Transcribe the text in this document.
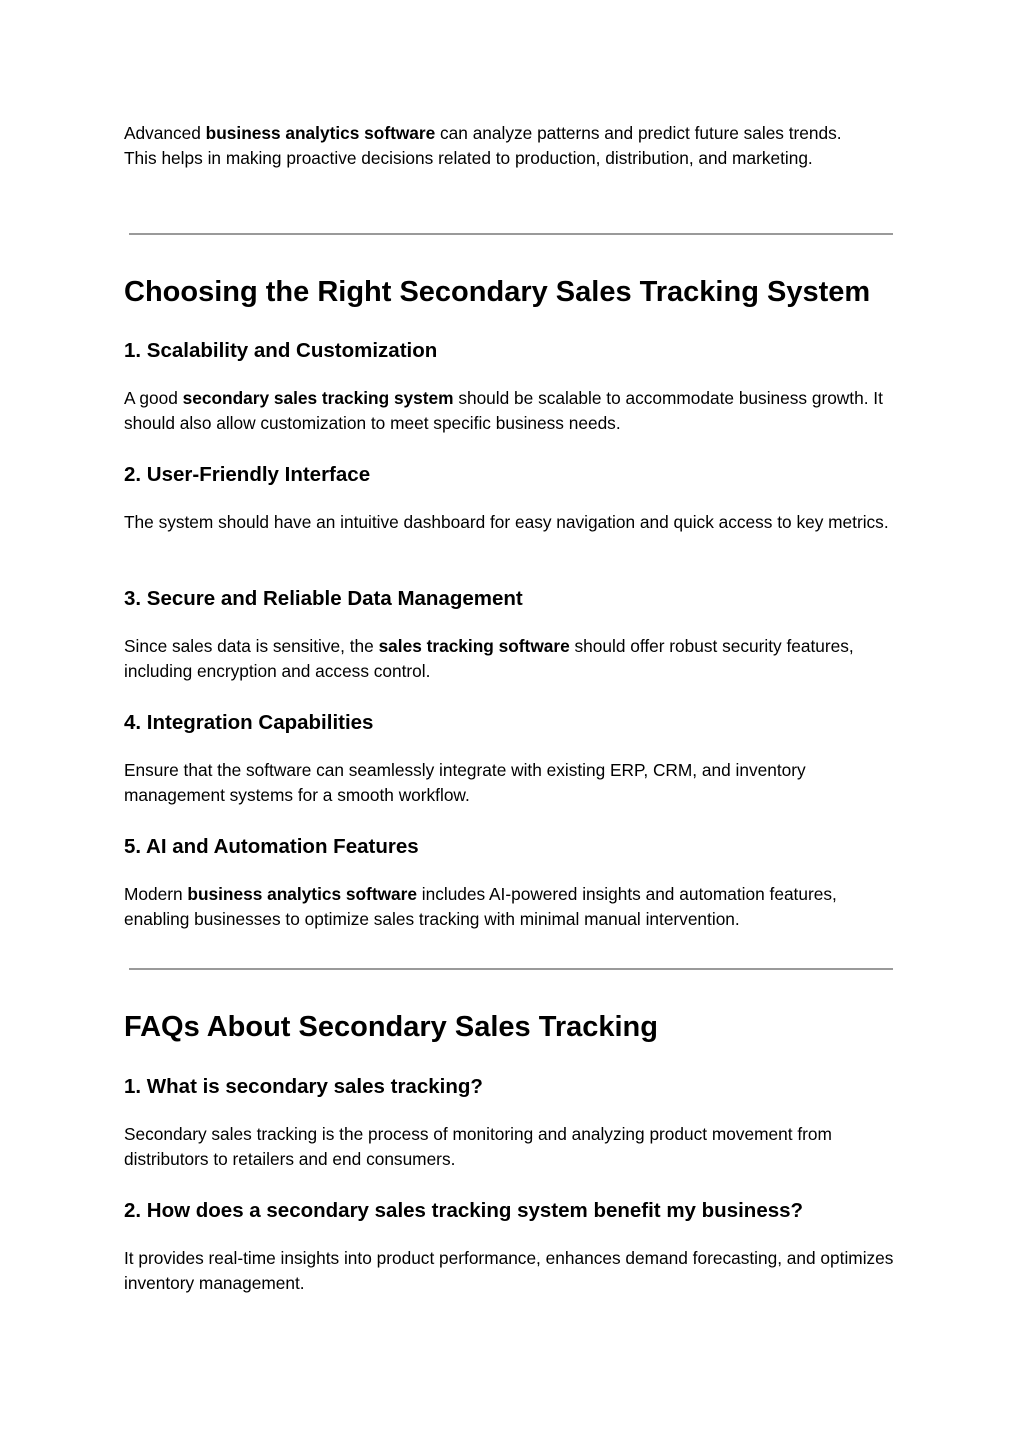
Advanced business analytics software can analyze patterns and predict future sales trends. This helps in making proactive decisions related to production, distribution, and marketing.

Choosing the Right Secondary Sales Tracking System
1. Scalability and Customization

A good secondary sales tracking system should be scalable to accommodate business growth. It should also allow customization to meet specific business needs.

2. User-Friendly Interface

The system should have an intuitive dashboard for easy navigation and quick access to key metrics.

3. Secure and Reliable Data Management

Since sales data is sensitive, the sales tracking software should offer robust security features, including encryption and access control.

4. Integration Capabilities

Ensure that the software can seamlessly integrate with existing ERP, CRM, and inventory management systems for a smooth workflow.

5. AI and Automation Features

Modern business analytics software includes AI-powered insights and automation features, enabling businesses to optimize sales tracking with minimal manual intervention.

FAQs About Secondary Sales Tracking
1. What is secondary sales tracking?

Secondary sales tracking is the process of monitoring and analyzing product movement from distributors to retailers and end consumers.

2. How does a secondary sales tracking system benefit my business?

It provides real-time insights into product performance, enhances demand forecasting, and optimizes inventory management.
